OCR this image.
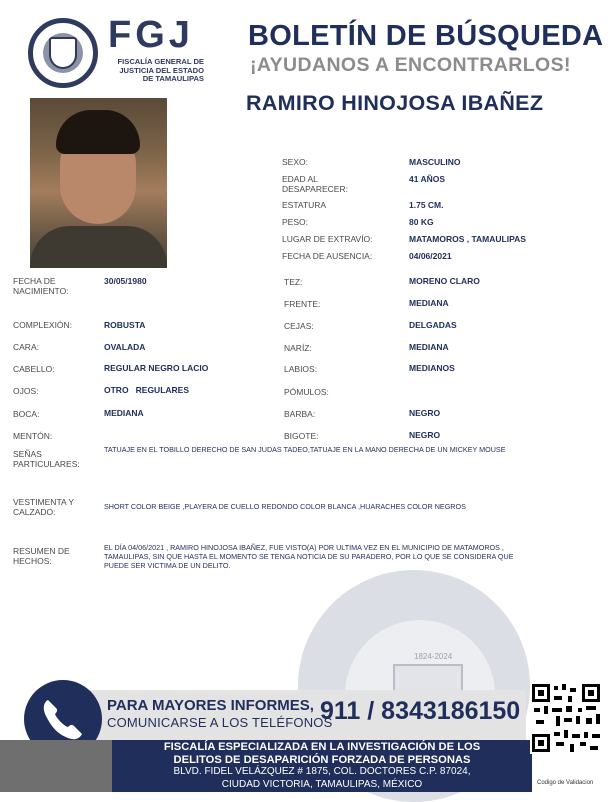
FGJ
FISCALÍA GENERAL DE
JUSTICIA DEL ESTADO
DE TAMAULIPAS
BOLETÍN DE BÚSQUEDA
¡AYUDANOS A ENCONTRARLOS!
RAMIRO HINOJOSA IBAÑEZ
SEXO:	MASCULINO
EDAD AL DESAPARECER:
41 AÑOS
ESTATURA	1.75 CM.
PESO:	80 KG
LUGAR DE EXTRAVÍO:	MATAMOROS , TAMAULIPAS
FECHA DE AUSENCIA:	04/06/2021
FECHA DE NACIMIENTO:
30/05/1980
COMPLEXIÓN:	ROBUSTA
CARA:	OVALADA
CABELLO:	REGULAR NEGRO LACIO
OJOS:	OTRO   REGULARES
BOCA:	MEDIANA
MENTÓN:
TEZ:	MORENO CLARO
FRENTE:	MEDIANA
CEJAS:	DELGADAS
NARÍZ:	MEDIANA
LABIOS:	MEDIANOS
PÓMULOS:
BARBA:	NEGRO
BIGOTE:	NEGRO
SEÑAS PARTICULARES:
TATUAJE EN EL TOBILLO DERECHO DE SAN JUDAS TADEO,TATUAJE EN LA MANO DERECHA DE UN MICKEY MOUSE
VESTIMENTA Y CALZADO:
SHORT COLOR BEIGE ,PLAYERA DE CUELLO REDONDO COLOR BLANCA ,HUARACHES COLOR NEGROS
RESUMEN DE HECHOS:
EL DÍA 04/06/2021 , RAMIRO HINOJOSA IBAÑEZ, FUE VISTO(A) POR ULTIMA VEZ EN EL MUNICIPIO DE MATAMOROS ,
TAMAULIPAS, SIN QUE HASTA EL MOMENTO SE TENGA NOTICIA DE SU PARADERO, POR LO QUE SE CONSIDERA QUE
PUEDE SER VICTIMA DE UN DELITO.
1824-2024
PARA MAYORES INFORMES,
COMUNICARSE A LOS TELÉFONOS
911 / 8343186150
FISCALÍA ESPECIALIZADA EN LA INVESTIGACIÓN DE LOS
DELITOS DE DESAPARICIÓN FORZADA DE PERSONAS
BLVD. FIDEL VELÁZQUEZ # 1875, COL. DOCTORES C.P. 87024,
CIUDAD VICTORIA, TAMAULIPAS, MÉXICO	Codigo de Validacion
